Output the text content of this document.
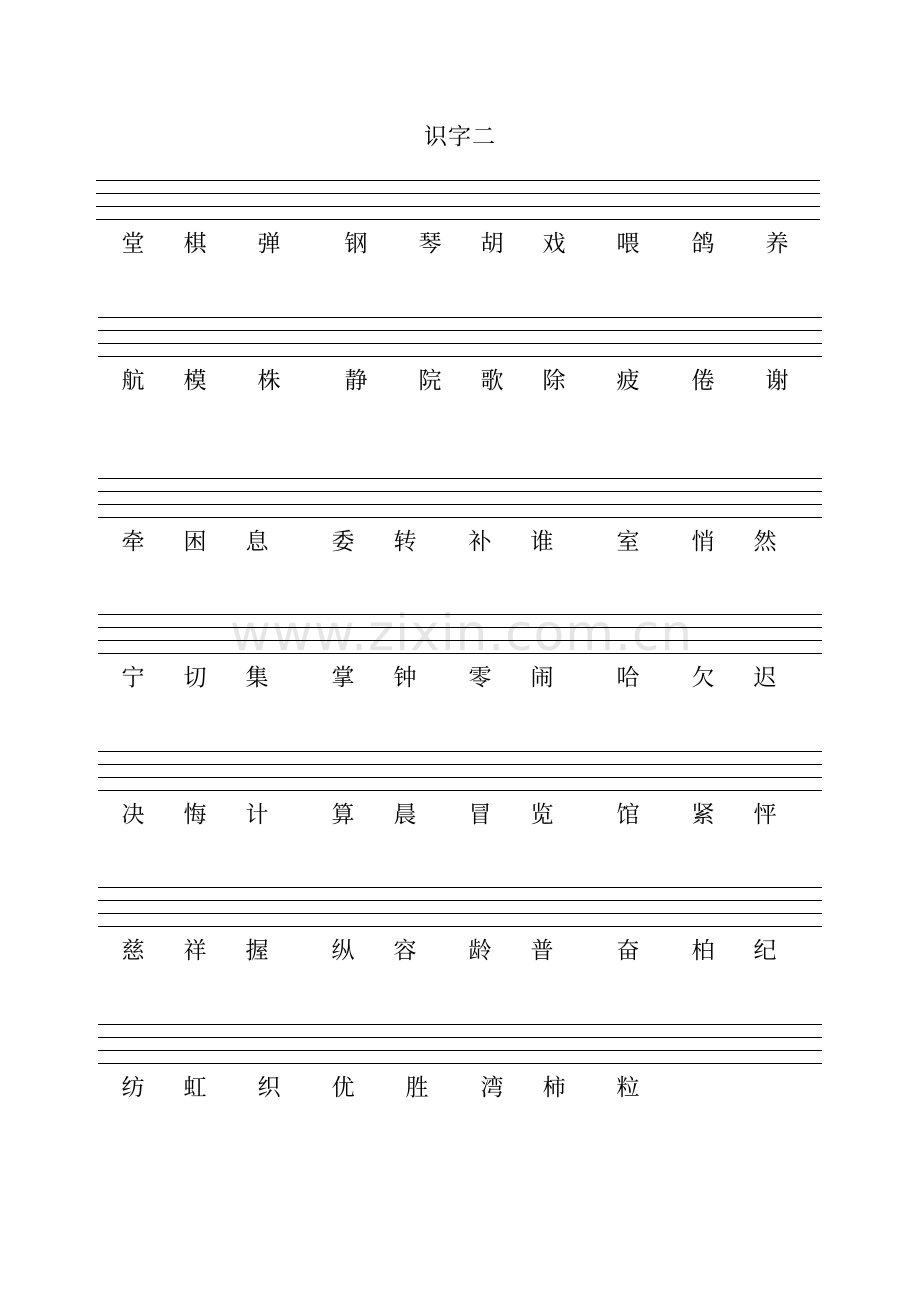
识字二
堂 棋 弹	钢 琴 胡 戏 喂 鸽 养
航 模 株	静 院 歌 除 疲 倦 谢
牵 困 息	委 转 补 谁	室 悄 然
宁 切 集	掌 钟 零 闹	哈 欠 迟
决 悔 计	算 晨 冒 览	馆 紧 怦
慈 祥 握	纵 容 龄 普	奋 柏 纪
纺 虹 织 优 胜 湾 柿 粒
www.zixin.com.cn
